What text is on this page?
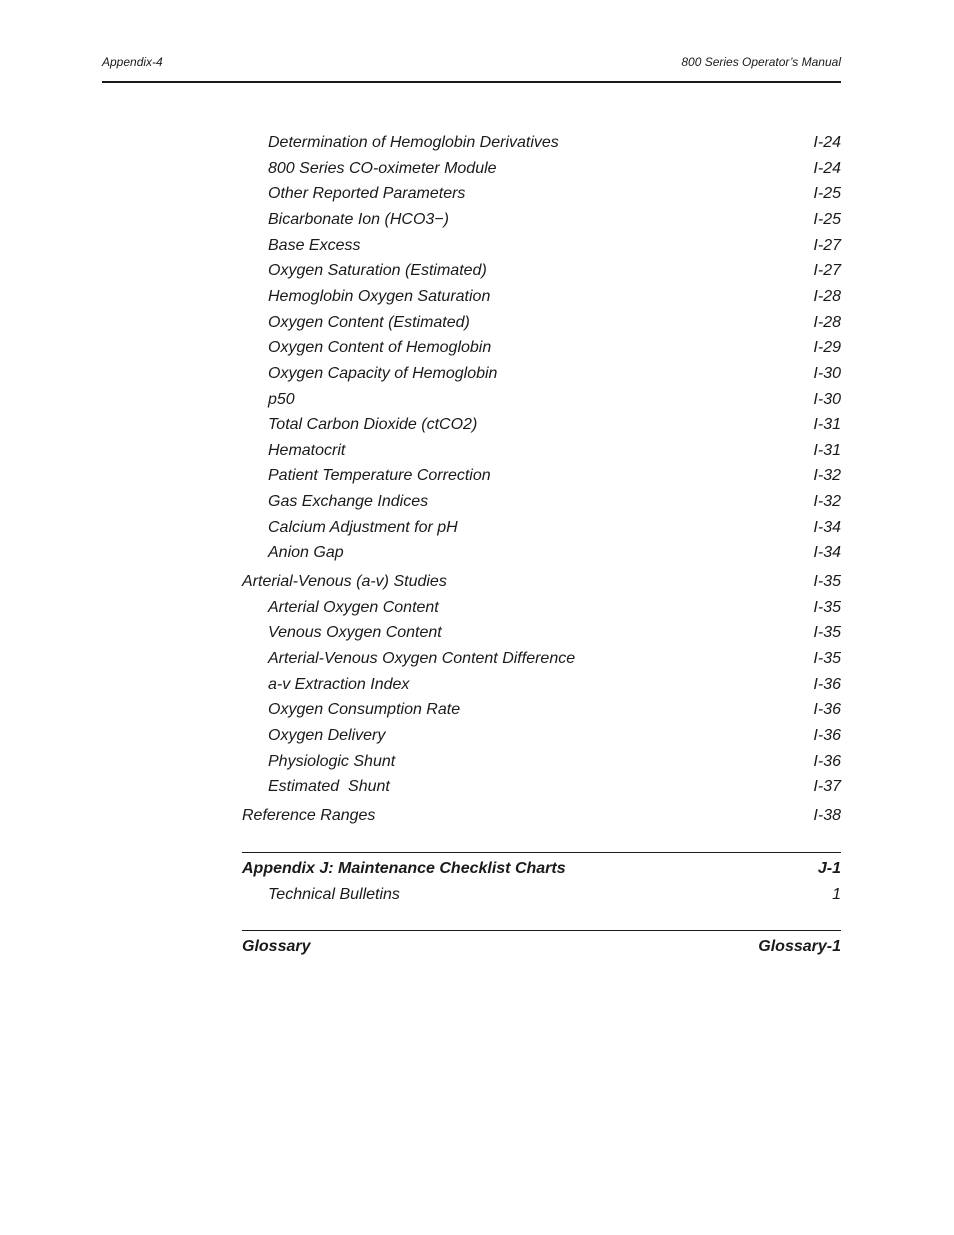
Appendix-4	800 Series Operator’s Manual
Determination of Hemoglobin Derivatives	I-24
800 Series CO-oximeter Module	I-24
Other Reported Parameters	I-25
Bicarbonate Ion (HCO3−)	I-25
Base Excess	I-27
Oxygen Saturation (Estimated)	I-27
Hemoglobin Oxygen Saturation	I-28
Oxygen Content (Estimated)	I-28
Oxygen Content of Hemoglobin	I-29
Oxygen Capacity of Hemoglobin	I-30
p50	I-30
Total Carbon Dioxide (ctCO2)	I-31
Hematocrit	I-31
Patient Temperature Correction	I-32
Gas Exchange Indices	I-32
Calcium Adjustment for pH	I-34
Anion Gap	I-34
Arterial-Venous (a-v) Studies	I-35
Arterial Oxygen Content	I-35
Venous Oxygen Content	I-35
Arterial-Venous Oxygen Content Difference	I-35
a-v Extraction Index	I-36
Oxygen Consumption Rate	I-36
Oxygen Delivery	I-36
Physiologic Shunt	I-36
Estimated  Shunt	I-37
Reference Ranges	I-38
Appendix J: Maintenance Checklist Charts	J-1
Technical Bulletins	1
Glossary	Glossary-1
